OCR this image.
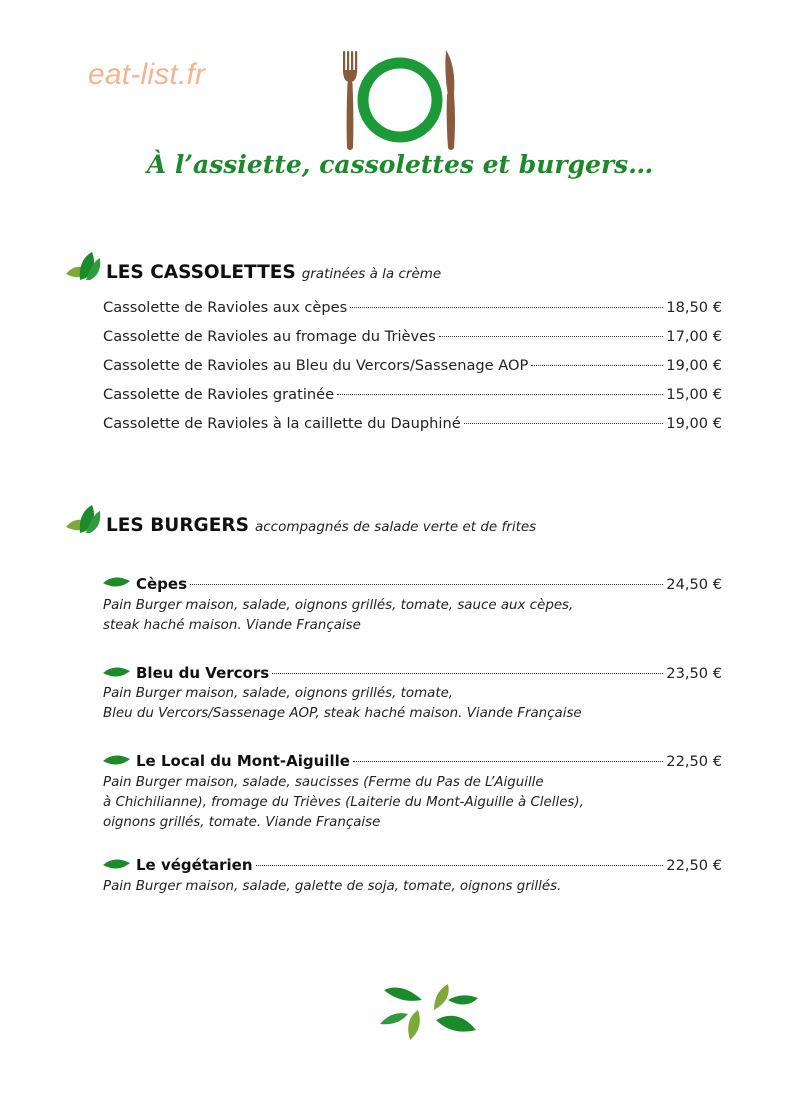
eat-list.fr
À l’assiette, cassolettes et burgers…
LES CASSOLETTES gratinées à la crème
Cassolette de Ravioles aux cèpes	18,50 €
Cassolette de Ravioles au fromage du Trièves	17,00 €
Cassolette de Ravioles au Bleu du Vercors/Sassenage AOP	19,00 €
Cassolette de Ravioles gratinée	15,00 €
Cassolette de Ravioles à la caillette du Dauphiné	19,00 €
LES BURGERS accompagnés de salade verte et de frites
Cèpes	24,50 €
Pain Burger maison, salade, oignons grillés, tomate, sauce aux cèpes,
steak haché maison. Viande Française
Bleu du Vercors	23,50 €
Pain Burger maison, salade, oignons grillés, tomate,
Bleu du Vercors/Sassenage AOP, steak haché maison. Viande Française
Le Local du Mont-Aiguille	22,50 €
Pain Burger maison, salade, saucisses (Ferme du Pas de L’Aiguille
à Chichilianne), fromage du Trièves (Laiterie du Mont-Aiguille à Clelles),
oignons grillés, tomate. Viande Française
Le végétarien	22,50 €
Pain Burger maison, salade, galette de soja, tomate, oignons grillés.
